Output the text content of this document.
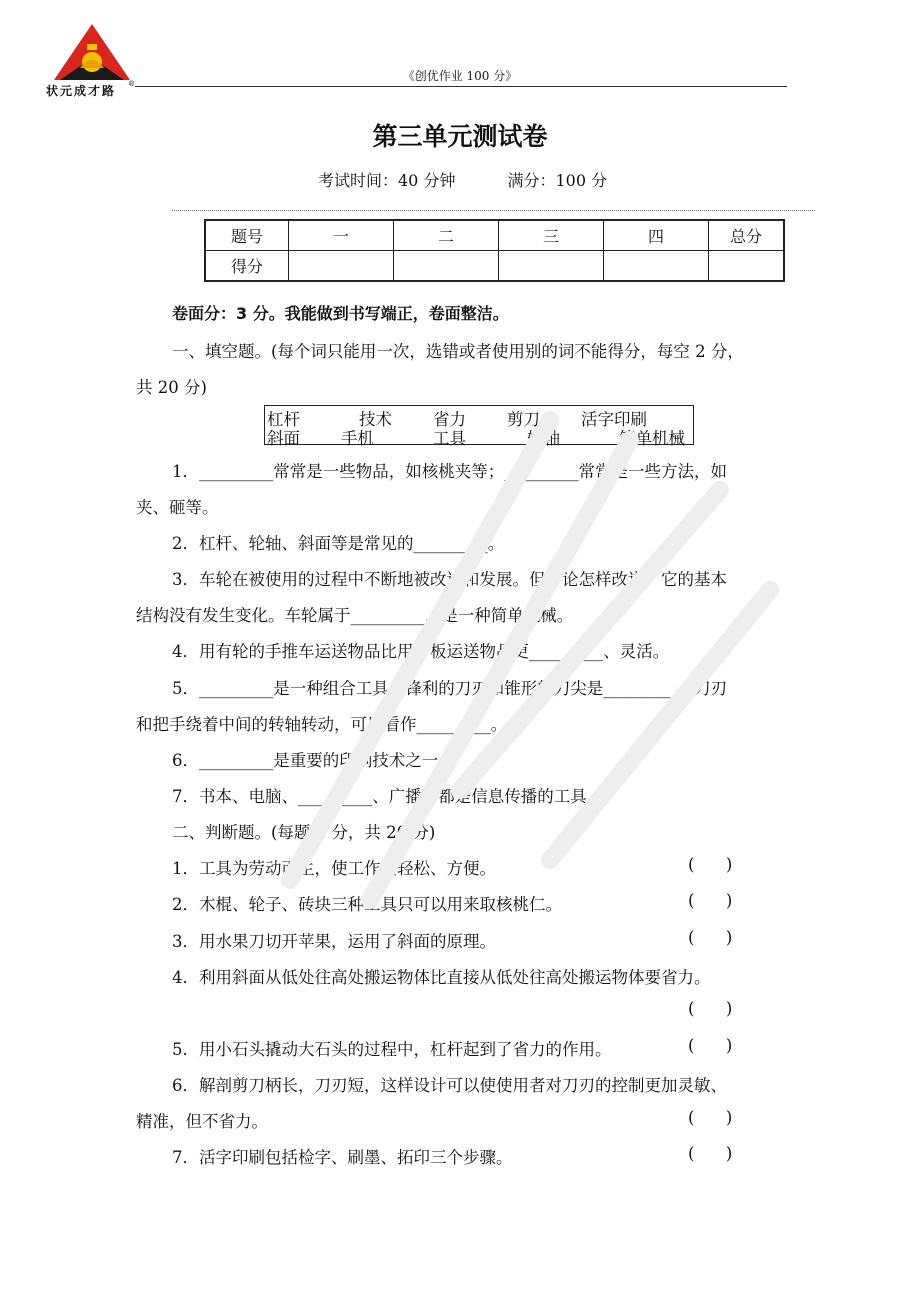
状元成才路 ®
《创优作业 100 分》
第三单元测试卷
考试时间：40 分钟	满分：100 分
题号	一	二	三	四	总分
得分					
卷面分：3 分。我能做到书写端正，卷面整洁。
一、填空题。(每个词只能用一次，选错或者使用别的词不能得分，每空 2 分，
共 20 分)
杠杆	技术 省力 剪刀 活字印刷
斜面 手机	工具	轮轴	简单机械
1．_________常常是一些物品，如核桃夹等；_________常常是一些方法，如
夹、砸等。
2．杠杆、轮轴、斜面等是常见的_________。
3．车轮在被使用的过程中不断地被改进和发展。但不论怎样改进，它的基本
结构没有发生变化。车轮属于_________，是一种简单机械。
4．用有轮的手推车运送物品比用平板运送物品更_________、灵活。
5．_________是一种组合工具，锋利的刀刃和锥形的刀尖是_________，刀刃
和把手绕着中间的转轴转动，可以看作_________。
6．_________是重要的印刷技术之一。
7．书本、电脑、_________、广播等都是信息传播的工具。
二、判断题。(每题 2 分，共 20 分)
1．工具为劳动而生，使工作更轻松、方便。	(      )
2．木棍、轮子、砖块三种工具只可以用来取核桃仁。	(      )
3．用水果刀切开苹果，运用了斜面的原理。	(      )
4．利用斜面从低处往高处搬运物体比直接从低处往高处搬运物体要省力。
(      )
5．用小石头撬动大石头的过程中，杠杆起到了省力的作用。	(      )
6．解剖剪刀柄长，刀刃短，这样设计可以使使用者对刀刃的控制更加灵敏、
精准，但不省力。	(      )
7．活字印刷包括检字、刷墨、拓印三个步骤。	(      )
